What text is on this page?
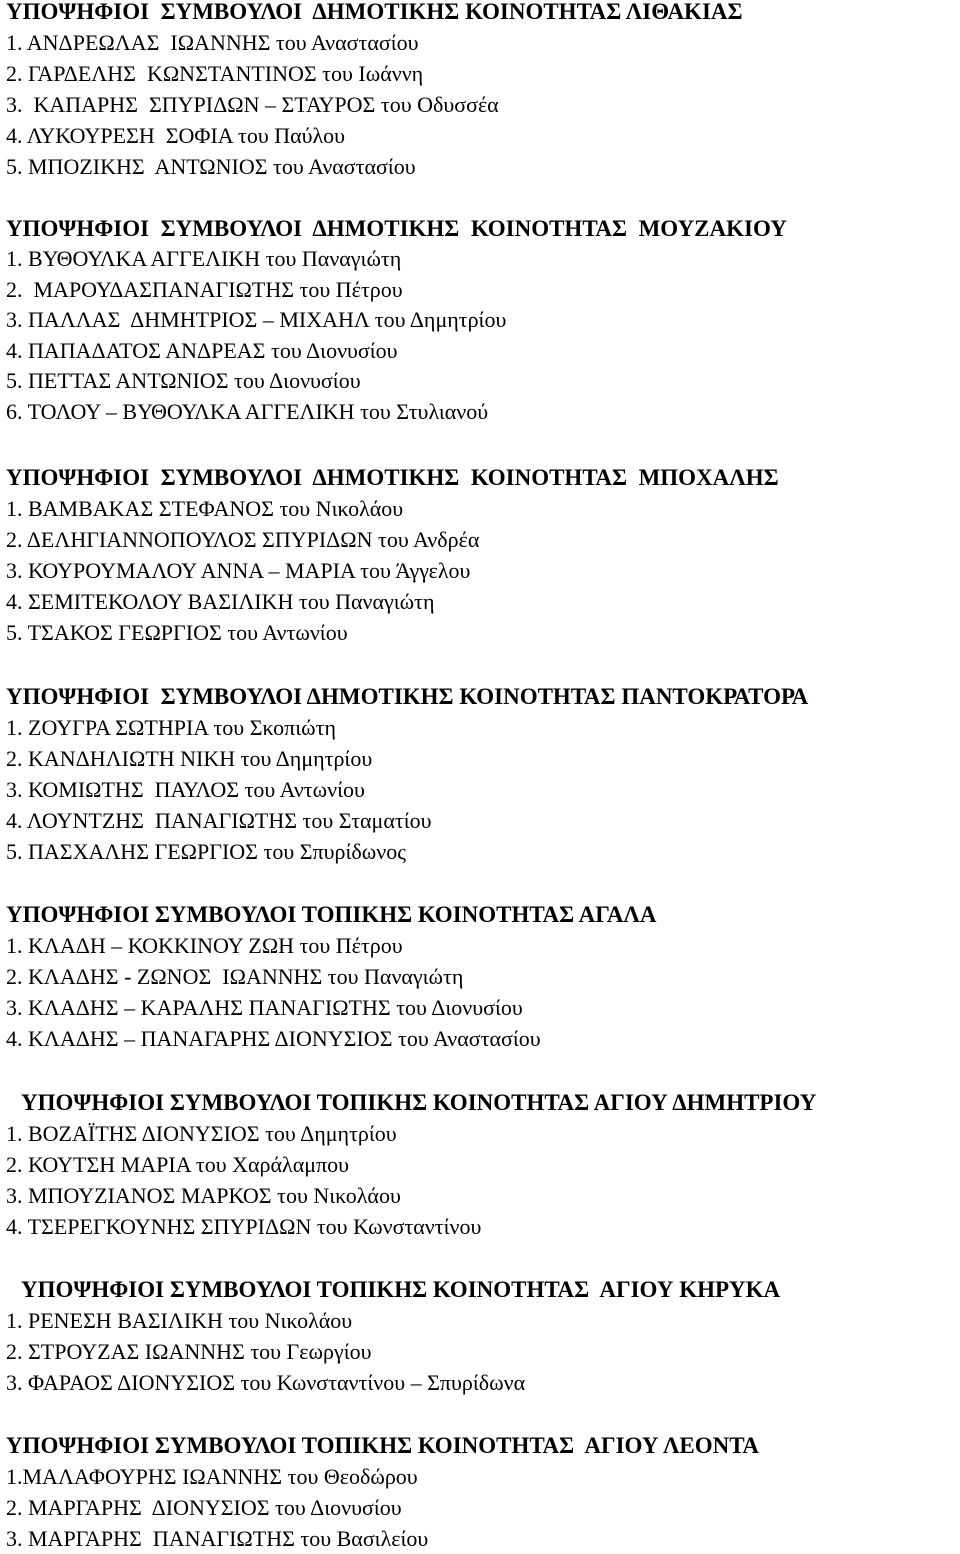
ΥΠΟΨΗΦΙΟΙ  ΣΥΜΒΟΥΛΟΙ  ΔΗΜΟΤΙΚΗΣ ΚΟΙΝΟΤΗΤΑΣ ΛΙΘΑΚΙΑΣ
1. ΑΝΔΡΕΩΛΑΣ  ΙΩΑΝΝΗΣ του Αναστασίου
2. ΓΑΡΔΕΛΗΣ  ΚΩΝΣΤΑΝΤΙΝΟΣ του Ιωάννη
3.  ΚΑΠΑΡΗΣ  ΣΠΥΡΙΔΩΝ – ΣΤΑΥΡΟΣ του Οδυσσέα
4. ΛΥΚΟΥΡΕΣΗ  ΣΟΦΙΑ του Παύλου
5. ΜΠΟΖΙΚΗΣ  ΑΝΤΩΝΙΟΣ του Αναστασίου
ΥΠΟΨΗΦΙΟΙ  ΣΥΜΒΟΥΛΟΙ  ΔΗΜΟΤΙΚΗΣ  ΚΟΙΝΟΤΗΤΑΣ  ΜΟΥΖΑΚΙΟΥ
1. ΒΥΘΟΥΛΚΑ ΑΓΓΕΛΙΚΗ του Παναγιώτη
2.  ΜΑΡΟΥΔΑΣΠΑΝΑΓΙΩΤΗΣ του Πέτρου
3. ΠΑΛΛΑΣ  ΔΗΜΗΤΡΙΟΣ – ΜΙΧΑΗΛ του Δημητρίου
4. ΠΑΠΑΔΑΤΟΣ ΑΝΔΡΕΑΣ του Διονυσίου
5. ΠΕΤΤΑΣ ΑΝΤΩΝΙΟΣ του Διονυσίου
6. ΤΟΛΟΥ – ΒΥΘΟΥΛΚΑ ΑΓΓΕΛΙΚΗ του Στυλιανού
ΥΠΟΨΗΦΙΟΙ  ΣΥΜΒΟΥΛΟΙ  ΔΗΜΟΤΙΚΗΣ  ΚΟΙΝΟΤΗΤΑΣ  ΜΠΟΧΑΛΗΣ
1. ΒΑΜΒΑΚΑΣ ΣΤΕΦΑΝΟΣ του Νικολάου
2. ΔΕΛΗΓΙΑΝΝΟΠΟΥΛΟΣ ΣΠΥΡΙΔΩΝ του Ανδρέα
3. ΚΟΥΡΟΥΜΑΛΟΥ ΑΝΝΑ – ΜΑΡΙΑ του Άγγελου
4. ΣΕΜΙΤΕΚΟΛΟΥ ΒΑΣΙΛΙΚΗ του Παναγιώτη
5. ΤΣΑΚΟΣ ΓΕΩΡΓΙΟΣ του Αντωνίου
ΥΠΟΨΗΦΙΟΙ  ΣΥΜΒΟΥΛΟΙ ΔΗΜΟΤΙΚΗΣ ΚΟΙΝΟΤΗΤΑΣ ΠΑΝΤΟΚΡΑΤΟΡΑ
1. ΖΟΥΓΡΑ ΣΩΤΗΡΙΑ του Σκοπιώτη
2. ΚΑΝΔΗΛΙΩΤΗ ΝΙΚΗ του Δημητρίου
3. ΚΟΜΙΩΤΗΣ  ΠΑΥΛΟΣ του Αντωνίου
4. ΛΟΥΝΤΖΗΣ  ΠΑΝΑΓΙΩΤΗΣ του Σταματίου
5. ΠΑΣΧΑΛΗΣ ΓΕΩΡΓΙΟΣ του Σπυρίδωνος
ΥΠΟΨΗΦΙΟΙ ΣΥΜΒΟΥΛΟΙ ΤΟΠΙΚΗΣ ΚΟΙΝΟΤΗΤΑΣ ΑΓΑΛΑ
1. ΚΛΑΔΗ – ΚΟΚΚΙΝΟΥ ΖΩΗ του Πέτρου
2. ΚΛΑΔΗΣ - ΖΩΝΟΣ  ΙΩΑΝΝΗΣ του Παναγιώτη
3. ΚΛΑΔΗΣ – ΚΑΡΑΛΗΣ ΠΑΝΑΓΙΩΤΗΣ του Διονυσίου
4. ΚΛΑΔΗΣ – ΠΑΝΑΓΑΡΗΣ ΔΙΟΝΥΣΙΟΣ του Αναστασίου
ΥΠΟΨΗΦΙΟΙ ΣΥΜΒΟΥΛΟΙ ΤΟΠΙΚΗΣ ΚΟΙΝΟΤΗΤΑΣ ΑΓΙΟΥ ΔΗΜΗΤΡΙΟΥ
1. ΒΟΖΑΪΤΗΣ ΔΙΟΝΥΣΙΟΣ του Δημητρίου
2. ΚΟΥΤΣΗ ΜΑΡΙΑ του Χαράλαμπου
3. ΜΠΟΥΖΙΑΝΟΣ ΜΑΡΚΟΣ του Νικολάου
4. ΤΣΕΡΕΓΚΟΥΝΗΣ ΣΠΥΡΙΔΩΝ του Κωνσταντίνου
ΥΠΟΨΗΦΙΟΙ ΣΥΜΒΟΥΛΟΙ ΤΟΠΙΚΗΣ ΚΟΙΝΟΤΗΤΑΣ  ΑΓΙΟΥ ΚΗΡΥΚΑ
1. ΡΕΝΕΣΗ ΒΑΣΙΛΙΚΗ του Νικολάου
2. ΣΤΡΟΥΖΑΣ ΙΩΑΝΝΗΣ του Γεωργίου
3. ΦΑΡΑΟΣ ΔΙΟΝΥΣΙΟΣ του Κωνσταντίνου – Σπυρίδωνα
ΥΠΟΨΗΦΙΟΙ ΣΥΜΒΟΥΛΟΙ ΤΟΠΙΚΗΣ ΚΟΙΝΟΤΗΤΑΣ  ΑΓΙΟΥ ΛΕΟΝΤΑ
1.ΜΑΛΑΦΟΥΡΗΣ ΙΩΑΝΝΗΣ του Θεοδώρου
2. ΜΑΡΓΑΡΗΣ  ΔΙΟΝΥΣΙΟΣ του Διονυσίου
3. ΜΑΡΓΑΡΗΣ  ΠΑΝΑΓΙΩΤΗΣ του Βασιλείου
